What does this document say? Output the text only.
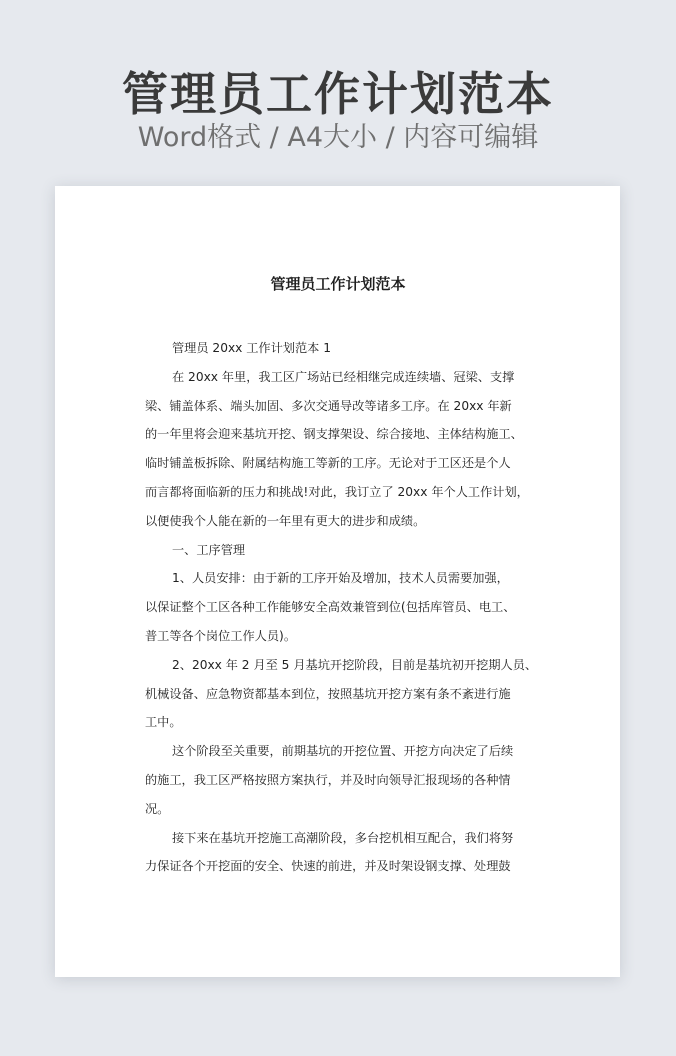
管理员工作计划范本

Word格式 / A4大小 / 内容可编辑

管理员工作计划范本
管理员 20xx 工作计划范本 1
在 20xx 年里，我工区广场站已经相继完成连续墙、冠梁、支撑
梁、铺盖体系、端头加固、多次交通导改等诸多工序。在 20xx 年新
的一年里将会迎来基坑开挖、钢支撑架设、综合接地、主体结构施工、
临时铺盖板拆除、附属结构施工等新的工序。无论对于工区还是个人
而言都将面临新的压力和挑战!对此，我订立了 20xx 年个人工作计划，
以便使我个人能在新的一年里有更大的进步和成绩。
一、工序管理
1、人员安排：由于新的工序开始及增加，技术人员需要加强，
以保证整个工区各种工作能够安全高效兼管到位(包括库管员、电工、
普工等各个岗位工作人员)。
2、20xx 年 2 月至 5 月基坑开挖阶段，目前是基坑初开挖期人员、
机械设备、应急物资都基本到位，按照基坑开挖方案有条不紊进行施
工中。
这个阶段至关重要，前期基坑的开挖位置、开挖方向决定了后续
的施工，我工区严格按照方案执行，并及时向领导汇报现场的各种情
况。
接下来在基坑开挖施工高潮阶段，多台挖机相互配合，我们将努
力保证各个开挖面的安全、快速的前进，并及时架设钢支撑、处理鼓
